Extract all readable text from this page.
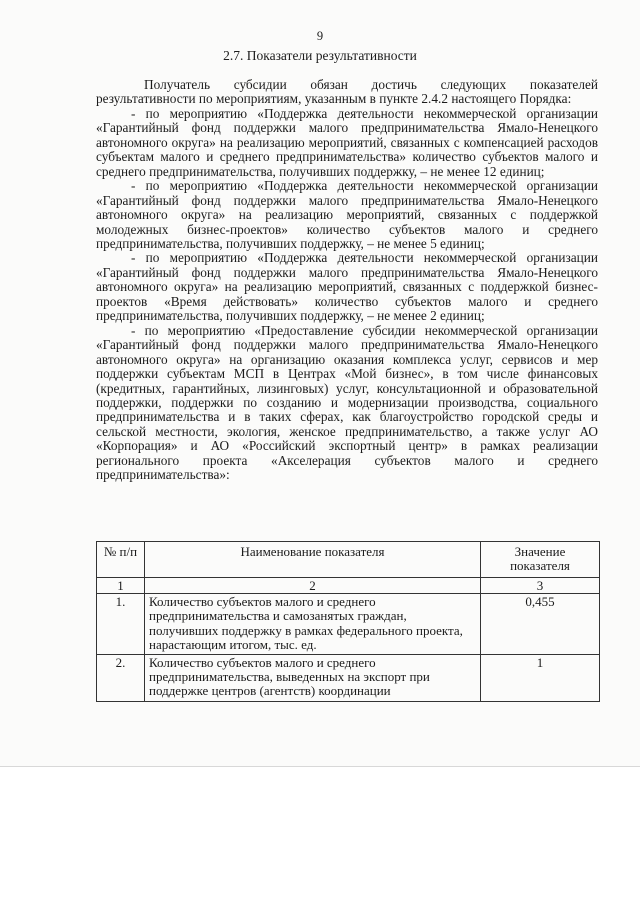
9
2.7. Показатели результативности

Получатель субсидии обязан достичь следующих показателей результативности по мероприятиям, указанным в пункте 2.4.2 настоящего Порядка:

- по мероприятию «Поддержка деятельности некоммерческой организации «Гарантийный фонд поддержки малого предпринимательства Ямало-Ненецкого автономного округа» на реализацию мероприятий, связанных с компенсацией расходов субъектам малого и среднего предпринимательства» количество субъектов малого и среднего предпринимательства, получивших поддержку, – не менее 12 единиц;

- по мероприятию «Поддержка деятельности некоммерческой организации «Гарантийный фонд поддержки малого предпринимательства Ямало-Ненецкого автономного округа» на реализацию мероприятий, связанных с поддержкой молодежных бизнес-проектов» количество субъектов малого и среднего предпринимательства, получивших поддержку, – не менее 5 единиц;

- по мероприятию «Поддержка деятельности некоммерческой организации «Гарантийный фонд поддержки малого предпринимательства Ямало-Ненецкого автономного округа» на реализацию мероприятий, связанных с поддержкой бизнес-проектов «Время действовать» количество субъектов малого и среднего предпринимательства, получивших поддержку, – не менее 2 единиц;

- по мероприятию «Предоставление субсидии некоммерческой организации «Гарантийный фонд поддержки малого предпринимательства Ямало-Ненецкого автономного округа» на организацию оказания комплекса услуг, сервисов и мер поддержки субъектам МСП в Центрах «Мой бизнес», в том числе финансовых (кредитных, гарантийных, лизинговых) услуг, консультационной и образовательной поддержки, поддержки по созданию и модернизации производства, социального предпринимательства и в таких сферах, как благоустройство городской среды и сельской местности, экология, женское предпринимательство, а также услуг АО «Корпорация» и АО «Российский экспортный центр» в рамках реализации регионального проекта «Акселерация субъектов малого и среднего предпринимательства»:

№ п/п	Наименование показателя	Значение показателя
1	2	3
1.	Количество субъектов малого и среднего предпринимательства и самозанятых граждан, получивших поддержку в рамках федерального проекта, нарастающим итогом, тыс. ед.	0,455
2.	Количество субъектов малого и среднего предпринимательства, выведенных на экспорт при поддержке центров (агентств) координации	1
